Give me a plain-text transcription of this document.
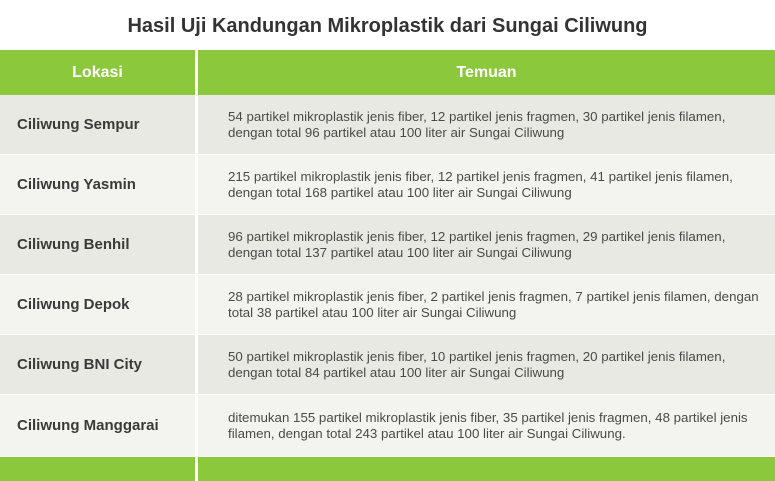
Hasil Uji Kandungan Mikroplastik dari Sungai Ciliwung
Lokasi	Temuan
Ciliwung Sempur	54 partikel mikroplastik jenis fiber, 12 partikel jenis fragmen, 30 partikel jenis filamen, dengan total 96 partikel atau 100 liter air Sungai Ciliwung
Ciliwung Yasmin	215 partikel mikroplastik jenis fiber, 12 partikel jenis fragmen, 41 partikel jenis filamen, dengan total 168 partikel atau 100 liter air Sungai Ciliwung
Ciliwung Benhil	96 partikel mikroplastik jenis fiber, 12 partikel jenis fragmen, 29 partikel jenis filamen, dengan total 137 partikel atau 100 liter air Sungai Ciliwung
Ciliwung Depok	28 partikel mikroplastik jenis fiber, 2 partikel jenis fragmen, 7 partikel jenis filamen, dengan total 38 partikel atau 100 liter air Sungai Ciliwung
Ciliwung BNI City	50 partikel mikroplastik jenis fiber, 10 partikel jenis fragmen, 20 partikel jenis filamen, dengan total 84 partikel atau 100 liter air Sungai Ciliwung
Ciliwung Manggarai	ditemukan 155 partikel mikroplastik jenis fiber, 35 partikel jenis fragmen, 48 partikel jenis filamen, dengan total 243 partikel atau 100 liter air Sungai Ciliwung.
